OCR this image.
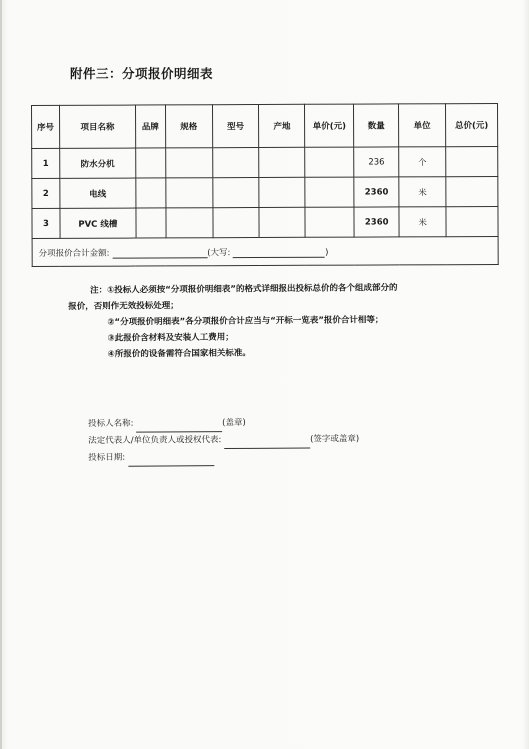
附件三：分项报价明细表
序号	项目名称	品牌	规格	型号	产地	单价(元)	数量	单位	总价(元)
1	防水分机						236	个	
2	电线						2360	米	
3	PVC 线槽						2360	米	
分项报价合计金额: (大写: )									
注：①投标人必须按“分项报价明细表”的格式详细报出投标总价的各个组成部分的
报价，否则作无效投标处理；
②“分项报价明细表”各分项报价合计应当与“开标一览表”报价合计相等；
③此报价含材料及安装人工费用；
④所报价的设备需符合国家相关标准。
投标人名称:	(盖章)
法定代表人/单位负责人或授权代表:	(签字或盖章)
投标日期:
